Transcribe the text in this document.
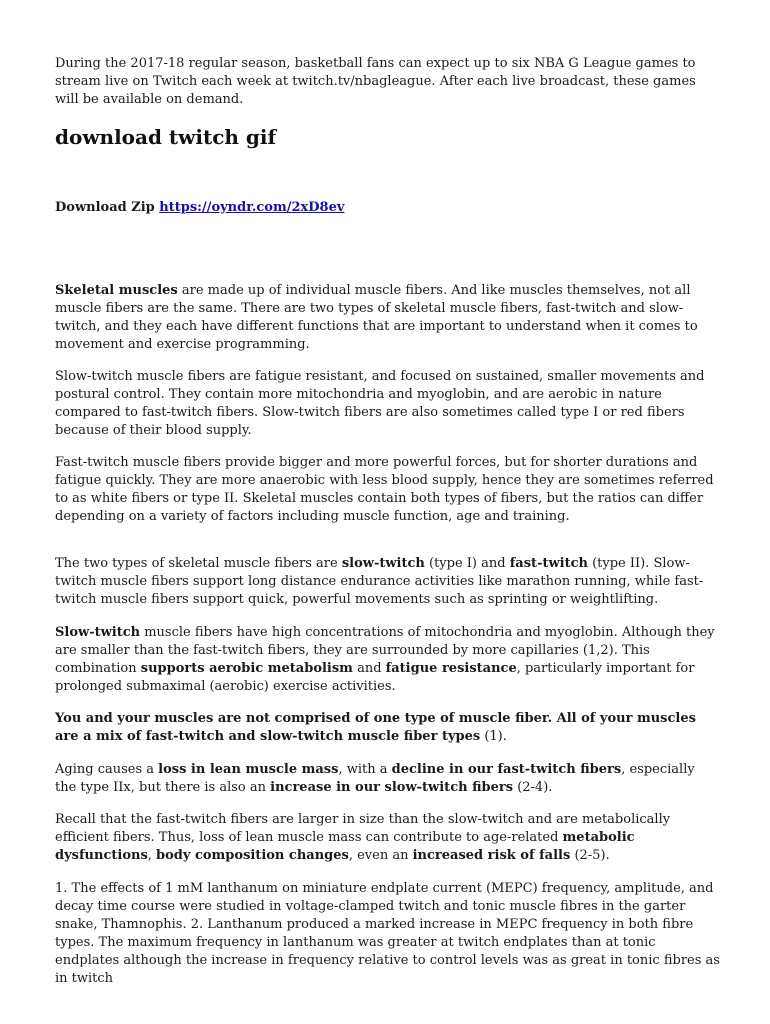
During the 2017-18 regular season, basketball fans can expect up to six NBA G League games to stream live on Twitch each week at twitch.tv/nbagleague. After each live broadcast, these games will be available on demand.

download twitch gif

Download Zip https://oyndr.com/2xD8ev

Skeletal muscles are made up of individual muscle fibers. And like muscles themselves, not all muscle fibers are the same. There are two types of skeletal muscle fibers, fast-twitch and slow-twitch, and they each have different functions that are important to understand when it comes to movement and exercise programming.

Slow-twitch muscle fibers are fatigue resistant, and focused on sustained, smaller movements and postural control. They contain more mitochondria and myoglobin, and are aerobic in nature compared to fast-twitch fibers. Slow-twitch fibers are also sometimes called type I or red fibers because of their blood supply.

Fast-twitch muscle fibers provide bigger and more powerful forces, but for shorter durations and fatigue quickly. They are more anaerobic with less blood supply, hence they are sometimes referred to as white fibers or type II. Skeletal muscles contain both types of fibers, but the ratios can differ depending on a variety of factors including muscle function, age and training.

The two types of skeletal muscle fibers are slow-twitch (type I) and fast-twitch (type II). Slow-twitch muscle fibers support long distance endurance activities like marathon running, while fast-twitch muscle fibers support quick, powerful movements such as sprinting or weightlifting.

Slow-twitch muscle fibers have high concentrations of mitochondria and myoglobin. Although they are smaller than the fast-twitch fibers, they are surrounded by more capillaries (1,2). This combination supports aerobic metabolism and fatigue resistance, particularly important for prolonged submaximal (aerobic) exercise activities.

You and your muscles are not comprised of one type of muscle fiber. All of your muscles are a mix of fast-twitch and slow-twitch muscle fiber types (1).

Aging causes a loss in lean muscle mass, with a decline in our fast-twitch fibers, especially the type IIx, but there is also an increase in our slow-twitch fibers (2-4).

Recall that the fast-twitch fibers are larger in size than the slow-twitch and are metabolically efficient fibers. Thus, loss of lean muscle mass can contribute to age-related metabolic dysfunctions, body composition changes, even an increased risk of falls (2-5).

1. The effects of 1 mM lanthanum on miniature endplate current (MEPC) frequency, amplitude, and decay time course were studied in voltage-clamped twitch and tonic muscle fibres in the garter snake, Thamnophis. 2. Lanthanum produced a marked increase in MEPC frequency in both fibre types. The maximum frequency in lanthanum was greater at twitch endplates than at tonic endplates although the increase in frequency relative to control levels was as great in tonic fibres as in twitch
